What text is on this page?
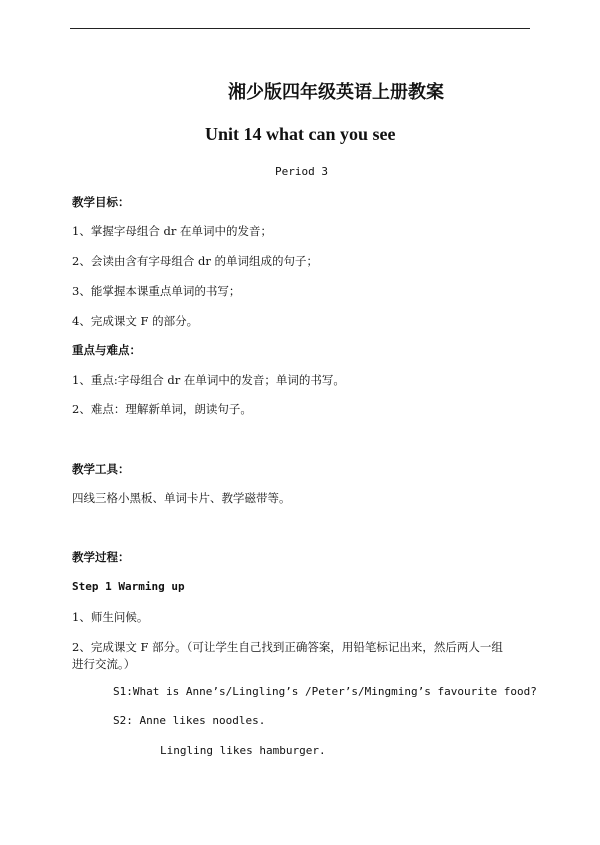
湘少版四年级英语上册教案
Unit 14 what can you see
Period 3
教学目标：
1、掌握字母组合 dr 在单词中的发音；
2、会读由含有字母组合 dr 的单词组成的句子；
3、能掌握本课重点单词的书写；
4、完成课文 F 的部分。
重点与难点：
1、重点:字母组合 dr 在单词中的发音；单词的书写。
2、难点：理解新单词，朗读句子。
教学工具：
四线三格小黑板、单词卡片、教学磁带等。
教学过程：
Step 1 Warming up
1、师生问候。
2、完成课文 F 部分。（可让学生自己找到正确答案，用铅笔标记出来，然后两人一组
进行交流。）
S1:What is Anne’s/Lingling’s /Peter’s/Mingming’s favourite food?
S2: Anne likes noodles.
Lingling likes hamburger.
